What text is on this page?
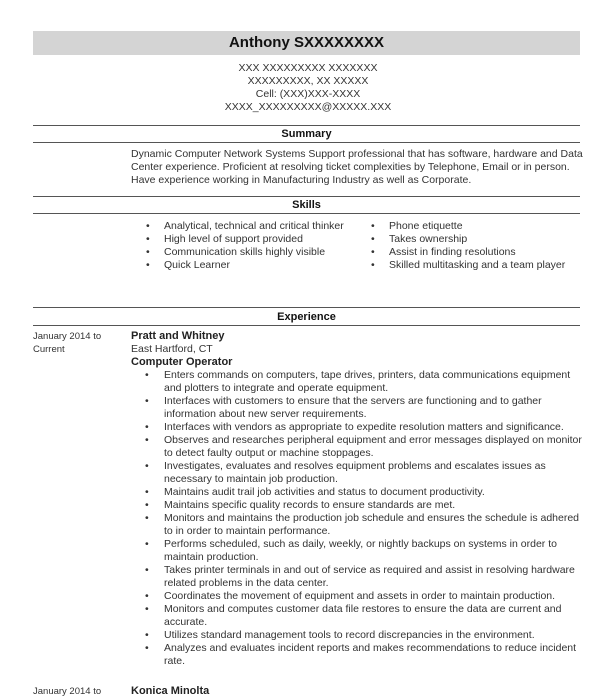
Anthony SXXXXXXXX
XXX XXXXXXXXX XXXXXXX
XXXXXXXXX, XX XXXXX
Cell: (XXX)XXX-XXXX
XXXX_XXXXXXXXX@XXXXX.XXX
Summary
Dynamic Computer Network Systems Support professional that has software, hardware and Data Center experience. Proficient at resolving ticket complexities by Telephone, Email or in person. Have experience working in Manufacturing Industry as well as Corporate.
Skills
• Analytical, technical and critical thinker
• High level of support provided
• Communication skills highly visible
• Quick Learner
• Phone etiquette
• Takes ownership
• Assist in finding resolutions
• Skilled multitasking and a team player
Experience
January 2014 to
Current
Pratt and Whitney
East Hartford, CT
Computer Operator
• Enters commands on computers, tape drives, printers, data communications equipment and plotters to integrate and operate equipment.
• Interfaces with customers to ensure that the servers are functioning and to gather information about new server requirements.
• Interfaces with vendors as appropriate to expedite resolution matters and significance.
• Observes and researches peripheral equipment and error messages displayed on monitor to detect faulty output or machine stoppages.
• Investigates, evaluates and resolves equipment problems and escalates issues as necessary to maintain job production.
• Maintains audit trail job activities and status to document productivity.
• Maintains specific quality records to ensure standards are met.
• Monitors and maintains the production job schedule and ensures the schedule is adhered to in order to maintain performance.
• Performs scheduled, such as daily, weekly, or nightly backups on systems in order to maintain production.
• Takes printer terminals in and out of service as required and assist in resolving hardware related problems in the data center.
• Coordinates the movement of equipment and assets in order to maintain production.
• Monitors and computes customer data file restores to ensure the data are current and accurate.
• Utilizes standard management tools to record discrepancies in the environment.
• Analyzes and evaluates incident reports and makes recommendations to reduce incident rate.
January 2014 to	Konica Minolta
